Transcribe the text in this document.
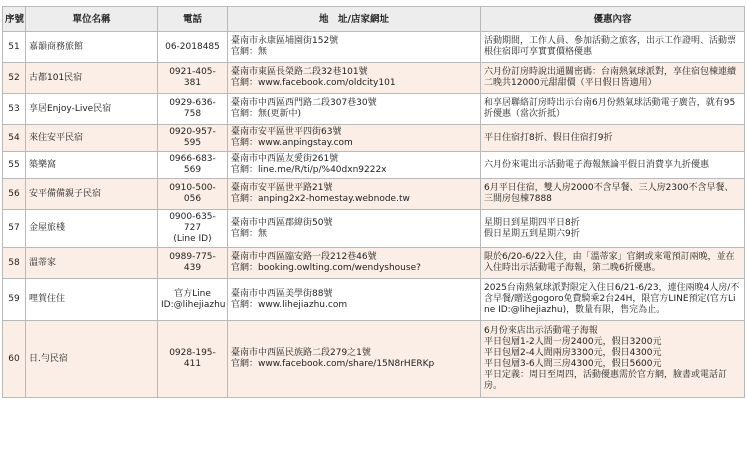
序號	單位名稱	電話	地　址/店家網址	優惠內容
51	嘉韻商務旅館	06-2018485	臺南市永康區埔園街152號
官網：無	活動期間，工作人員、參加活動之旅客，出示工作證明、活動票根住宿即可享實實價格優惠

52	古都101民宿	0921-405-381	臺南市東區長榮路二段32巷101號
官網：www.facebook.com/oldcity101	六月份訂房時說出通關密碼：台南熱氣球派對，享住宿包棟連續二晚共12000元甜甜價（平日假日皆適用）

53	享居Enjoy-Live民宿	0929-636-758	臺南市中西區西門路二段307巷30號
官網：無(更新中)	和享居聯絡訂房時出示台南6月份熱氣球活動電子廣告，就有95折優惠（當次折抵）

54	來住安平民宿	0920-957-595	臺南市安平區世平四街63號
官網：www.anpingstay.com	平日住宿打8折、假日住宿打9折

55	築樂窩	0966-683-569	臺南市中西區友愛街261號
官網：line.me/R/ti/p/%40dxn9222x	六月份來電出示活動電子海報無論平假日消費享九折優惠

56	安平備備親子民宿	0910-500-056	臺南市安平區世平路21號
官網：anping2x2-homestay.webnode.tw	6月平日住宿，雙人房2000不含早餐、三人房2300不含早餐、三間房包棟7888

57	金屋旅棧	0900-635-727
(Line ID)	臺南市中西區郡緯街50號
官網：無	星期日到星期四平日8折
假日星期五到星期六9折

58	溫蒂家	0989-775-439	臺南市中西區臨安路一段212巷46號
官網：booking.owlting.com/wendyshouse?	限於6/20-6/22入住，由「溫蒂家」官網或來電預訂兩晚，並在入住時出示活動電子海報，第二晚6折優惠。

59	哩賀住住	官方Line
ID:@lihejiazhu	臺南市中西區美學街88號
官網：www.lihejiazhu.com	2025台南熱氣球派對限定入住日6/21-6/23，連住兩晚4人房/不含早餐/贈送gogoro免費騎乘2台24H，限官方LINE預定(官方Line ID:@lihejiazhu)，數量有限，售完為止。

60	日.勻民宿	0928-195-411	臺南市中西區民族路二段279之1號
官網：www.facebook.com/share/15N8rHERKp	6月份來店出示活動電子海報
平日包層1-2人間一房2400元，假日3200元
平日包層2-4人間兩房3300元，假日4300元
平日包層3-6人間三房4300元，假日5600元
平日定義：周日至周四，活動優惠需於官方網，臉書或電話訂房。
